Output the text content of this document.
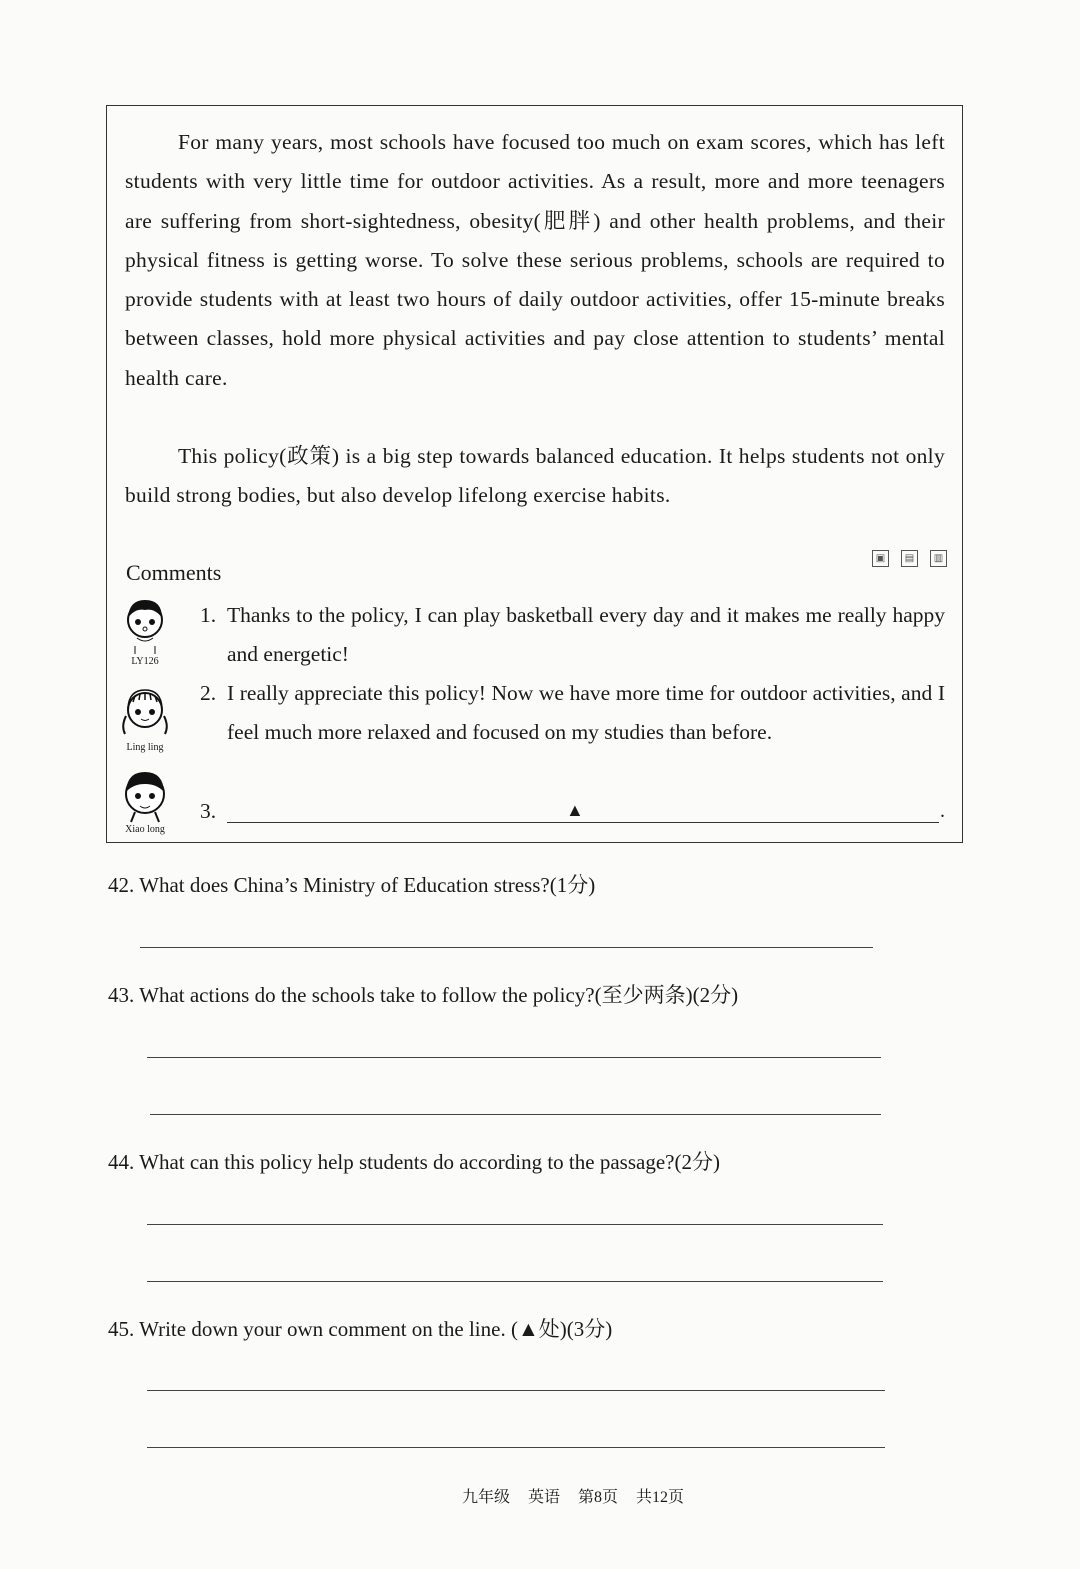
For many years, most schools have focused too much on exam scores, which has left students with very little time for outdoor activities. As a result, more and more teenagers are suffering from short-sightedness, obesity(肥胖) and other health problems, and their physical fitness is getting worse. To solve these serious problems, schools are required to provide students with at least two hours of daily outdoor activities, offer 15-minute breaks between classes, hold more physical activities and pay close attention to students’ mental health care.
This policy(政策) is a big step towards balanced education. It helps students not only build strong bodies, but also develop lifelong exercise habits.
Comments
▣	▤	▥
LY126
Ling ling
Xiao long
1. Thanks to the policy, I can play basketball every day and it makes me really happy and energetic!
2. I really appreciate this policy! Now we have more time for outdoor activities, and I feel much more relaxed and focused on my studies than before.
3.	▲	.
42. What does China’s Ministry of Education stress?(1分)
43. What actions do the schools take to follow the policy?(至少两条)(2分)
44. What can this policy help students do according to the passage?(2分)
45. Write down your own comment on the line. (▲处)(3分)
九年级 英语 第8页 共12页
